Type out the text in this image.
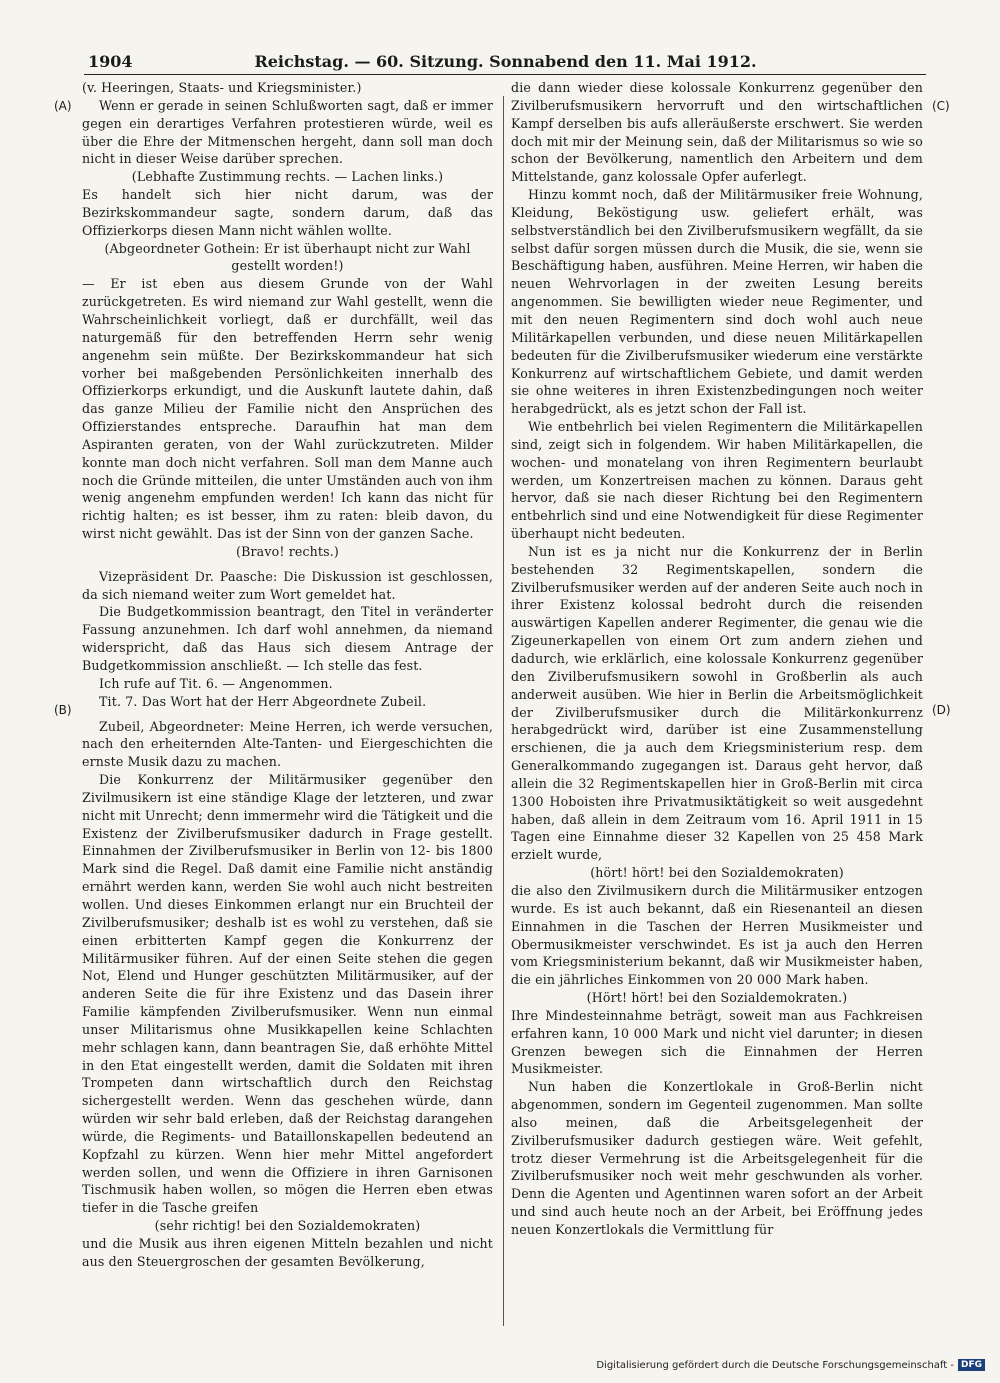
1904	Reichstag. — 60. Sitzung. Sonnabend den 11. Mai 1912.
(A)
(B)
(C)
(D)

(v. Heeringen, Staats- und Kriegsminister.)

Wenn er gerade in seinen Schlußworten sagt, daß er immer gegen ein derartiges Verfahren protestieren würde, weil es über die Ehre der Mitmenschen hergeht, dann soll man doch nicht in dieser Weise darüber sprechen.

(Lebhafte Zustimmung rechts. — Lachen links.)

Es handelt sich hier nicht darum, was der Bezirkskommandeur sagte, sondern darum, daß das Offizierkorps diesen Mann nicht wählen wollte.

(Abgeordneter Gothein: Er ist überhaupt nicht zur Wahl gestellt worden!)

— Er ist eben aus diesem Grunde von der Wahl zurückgetreten. Es wird niemand zur Wahl gestellt, wenn die Wahrscheinlichkeit vorliegt, daß er durchfällt, weil das naturgemäß für den betreffenden Herrn sehr wenig angenehm sein müßte. Der Bezirkskommandeur hat sich vorher bei maßgebenden Persönlichkeiten innerhalb des Offizierkorps erkundigt, und die Auskunft lautete dahin, daß das ganze Milieu der Familie nicht den Ansprüchen des Offizierstandes entspreche. Daraufhin hat man dem Aspiranten geraten, von der Wahl zurückzutreten. Milder konnte man doch nicht verfahren. Soll man dem Manne auch noch die Gründe mitteilen, die unter Umständen auch von ihm wenig angenehm empfunden werden! Ich kann das nicht für richtig halten; es ist besser, ihm zu raten: bleib davon, du wirst nicht gewählt. Das ist der Sinn von der ganzen Sache.

(Bravo! rechts.)

Vizepräsident Dr. Paasche: Die Diskussion ist geschlossen, da sich niemand weiter zum Wort gemeldet hat.

Die Budgetkommission beantragt, den Titel in veränderter Fassung anzunehmen. Ich darf wohl annehmen, da niemand widerspricht, daß das Haus sich diesem Antrage der Budgetkommission anschließt. — Ich stelle das fest.

Ich rufe auf Tit. 6. — Angenommen.

Tit. 7. Das Wort hat der Herr Abgeordnete Zubeil.

Zubeil, Abgeordneter: Meine Herren, ich werde versuchen, nach den erheiternden Alte-Tanten- und Eiergeschichten die ernste Musik dazu zu machen.

Die Konkurrenz der Militärmusiker gegenüber den Zivilmusikern ist eine ständige Klage der letzteren, und zwar nicht mit Unrecht; denn immermehr wird die Tätigkeit und die Existenz der Zivilberufsmusiker dadurch in Frage gestellt. Einnahmen der Zivilberufsmusiker in Berlin von 12- bis 1800 Mark sind die Regel. Daß damit eine Familie nicht anständig ernährt werden kann, werden Sie wohl auch nicht bestreiten wollen. Und dieses Einkommen erlangt nur ein Bruchteil der Zivilberufsmusiker; deshalb ist es wohl zu verstehen, daß sie einen erbitterten Kampf gegen die Konkurrenz der Militärmusiker führen. Auf der einen Seite stehen die gegen Not, Elend und Hunger geschützten Militärmusiker, auf der anderen Seite die für ihre Existenz und das Dasein ihrer Familie kämpfenden Zivilberufsmusiker. Wenn nun einmal unser Militarismus ohne Musikkapellen keine Schlachten mehr schlagen kann, dann beantragen Sie, daß erhöhte Mittel in den Etat eingestellt werden, damit die Soldaten mit ihren Trompeten dann wirtschaftlich durch den Reichstag sichergestellt werden. Wenn das geschehen würde, dann würden wir sehr bald erleben, daß der Reichstag darangehen würde, die Regiments- und Bataillonskapellen bedeutend an Kopfzahl zu kürzen. Wenn hier mehr Mittel angefordert werden sollen, und wenn die Offiziere in ihren Garnisonen Tischmusik haben wollen, so mögen die Herren eben etwas tiefer in die Tasche greifen

(sehr richtig! bei den Sozialdemokraten)

und die Musik aus ihren eigenen Mitteln bezahlen und nicht aus den Steuergroschen der gesamten Bevölkerung,

die dann wieder diese kolossale Konkurrenz gegenüber den Zivilberufsmusikern hervorruft und den wirtschaftlichen Kampf derselben bis aufs alleräußerste erschwert. Sie werden doch mit mir der Meinung sein, daß der Militarismus so wie so schon der Bevölkerung, namentlich den Arbeitern und dem Mittelstande, ganz kolossale Opfer auferlegt.

Hinzu kommt noch, daß der Militärmusiker freie Wohnung, Kleidung, Beköstigung usw. geliefert erhält, was selbstverständlich bei den Zivilberufsmusikern wegfällt, da sie selbst dafür sorgen müssen durch die Musik, die sie, wenn sie Beschäftigung haben, ausführen. Meine Herren, wir haben die neuen Wehrvorlagen in der zweiten Lesung bereits angenommen. Sie bewilligten wieder neue Regimenter, und mit den neuen Regimentern sind doch wohl auch neue Militärkapellen verbunden, und diese neuen Militärkapellen bedeuten für die Zivilberufsmusiker wiederum eine verstärkte Konkurrenz auf wirtschaftlichem Gebiete, und damit werden sie ohne weiteres in ihren Existenzbedingungen noch weiter herabgedrückt, als es jetzt schon der Fall ist.

Wie entbehrlich bei vielen Regimentern die Militärkapellen sind, zeigt sich in folgendem. Wir haben Militärkapellen, die wochen- und monatelang von ihren Regimentern beurlaubt werden, um Konzertreisen machen zu können. Daraus geht hervor, daß sie nach dieser Richtung bei den Regimentern entbehrlich sind und eine Notwendigkeit für diese Regimenter überhaupt nicht bedeuten.

Nun ist es ja nicht nur die Konkurrenz der in Berlin bestehenden 32 Regimentskapellen, sondern die Zivilberufsmusiker werden auf der anderen Seite auch noch in ihrer Existenz kolossal bedroht durch die reisenden auswärtigen Kapellen anderer Regimenter, die genau wie die Zigeunerkapellen von einem Ort zum andern ziehen und dadurch, wie erklärlich, eine kolossale Konkurrenz gegenüber den Zivilberufsmusikern sowohl in Großberlin als auch anderweit ausüben. Wie hier in Berlin die Arbeitsmöglichkeit der Zivilberufsmusiker durch die Militärkonkurrenz herabgedrückt wird, darüber ist eine Zusammenstellung erschienen, die ja auch dem Kriegsministerium resp. dem Generalkommando zugegangen ist. Daraus geht hervor, daß allein die 32 Regimentskapellen hier in Groß-Berlin mit circa 1300 Hoboisten ihre Privatmusiktätigkeit so weit ausgedehnt haben, daß allein in dem Zeitraum vom 16. April 1911 in 15 Tagen eine Einnahme dieser 32 Kapellen von 25 458 Mark erzielt wurde,

(hört! hört! bei den Sozialdemokraten)

die also den Zivilmusikern durch die Militärmusiker entzogen wurde. Es ist auch bekannt, daß ein Riesenanteil an diesen Einnahmen in die Taschen der Herren Musikmeister und Obermusikmeister verschwindet. Es ist ja auch den Herren vom Kriegsministerium bekannt, daß wir Musikmeister haben, die ein jährliches Einkommen von 20 000 Mark haben.

(Hört! hört! bei den Sozialdemokraten.)

Ihre Mindesteinnahme beträgt, soweit man aus Fachkreisen erfahren kann, 10 000 Mark und nicht viel darunter; in diesen Grenzen bewegen sich die Einnahmen der Herren Musikmeister.

Nun haben die Konzertlokale in Groß-Berlin nicht abgenommen, sondern im Gegenteil zugenommen. Man sollte also meinen, daß die Arbeitsgelegenheit der Zivilberufsmusiker dadurch gestiegen wäre. Weit gefehlt, trotz dieser Vermehrung ist die Arbeitsgelegenheit für die Zivilberufsmusiker noch weit mehr geschwunden als vorher. Denn die Agenten und Agentinnen waren sofort an der Arbeit und sind auch heute noch an der Arbeit, bei Eröffnung jedes neuen Konzertlokals die Vermittlung für

Digitalisierung gefördert durch die Deutsche Forschungsgemeinschaft - DFG
